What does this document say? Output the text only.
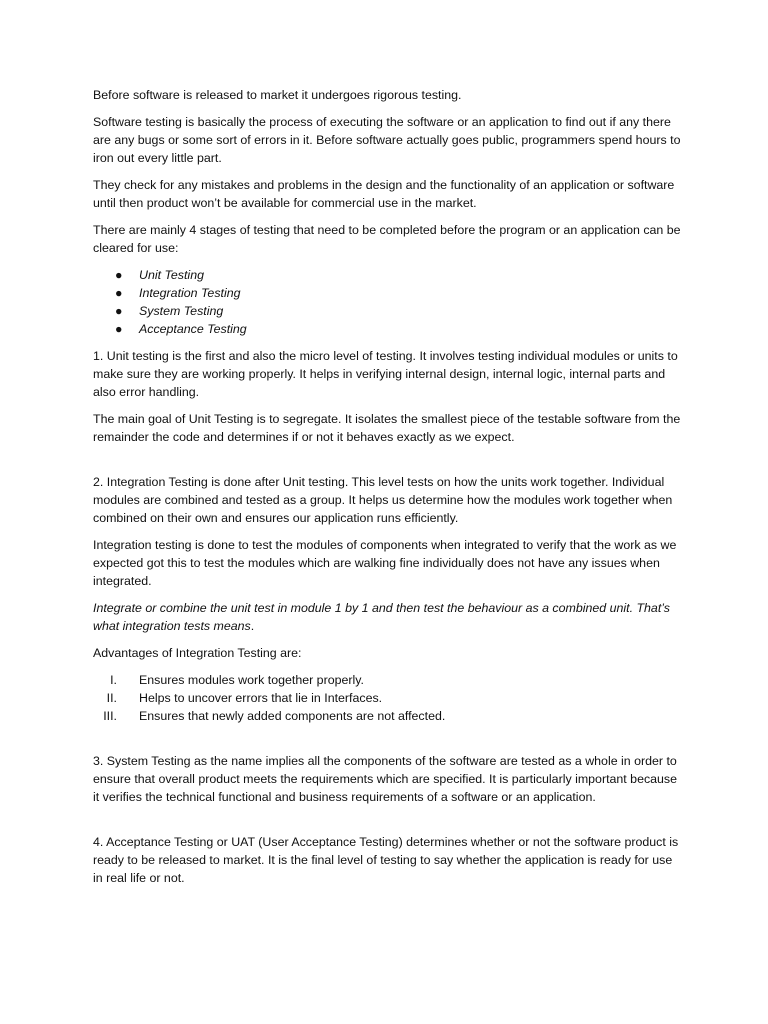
Before software is released to market it undergoes rigorous testing.

Software testing is basically the process of executing the software or an application to find out if any there are any bugs or some sort of errors in it. Before software actually goes public, programmers spend hours to iron out every little part.

They check for any mistakes and problems in the design and the functionality of an application or software until then product won’t be available for commercial use in the market.

There are mainly 4 stages of testing that need to be completed before the program or an application can be cleared for use:

● Unit Testing
● Integration Testing
● System Testing
● Acceptance Testing

1. Unit testing is the first and also the micro level of testing. It involves testing individual modules or units to make sure they are working properly. It helps in verifying internal design, internal logic, internal parts and also error handling.

The main goal of Unit Testing is to segregate. It isolates the smallest piece of the testable software from the remainder the code and determines if or not it behaves exactly as we expect.

2. Integration Testing is done after Unit testing. This level tests on how the units work together. Individual modules are combined and tested as a group. It helps us determine how the modules work together when combined on their own and ensures our application runs efficiently.

Integration testing is done to test the modules of components when integrated to verify that the work as we expected got this to test the modules which are walking fine individually does not have any issues when integrated.

Integrate or combine the unit test in module 1 by 1 and then test the behaviour as a combined unit. That’s what integration tests means.

Advantages of Integration Testing are:

I. Ensures modules work together properly.
II. Helps to uncover errors that lie in Interfaces.
III. Ensures that newly added components are not affected.

3. System Testing as the name implies all the components of the software are tested as a whole in order to ensure that overall product meets the requirements which are specified. It is particularly important because it verifies the technical functional and business requirements of a software or an application.

4. Acceptance Testing or UAT (User Acceptance Testing) determines whether or not the software product is ready to be released to market. It is the final level of testing to say whether the application is ready for use in real life or not.
